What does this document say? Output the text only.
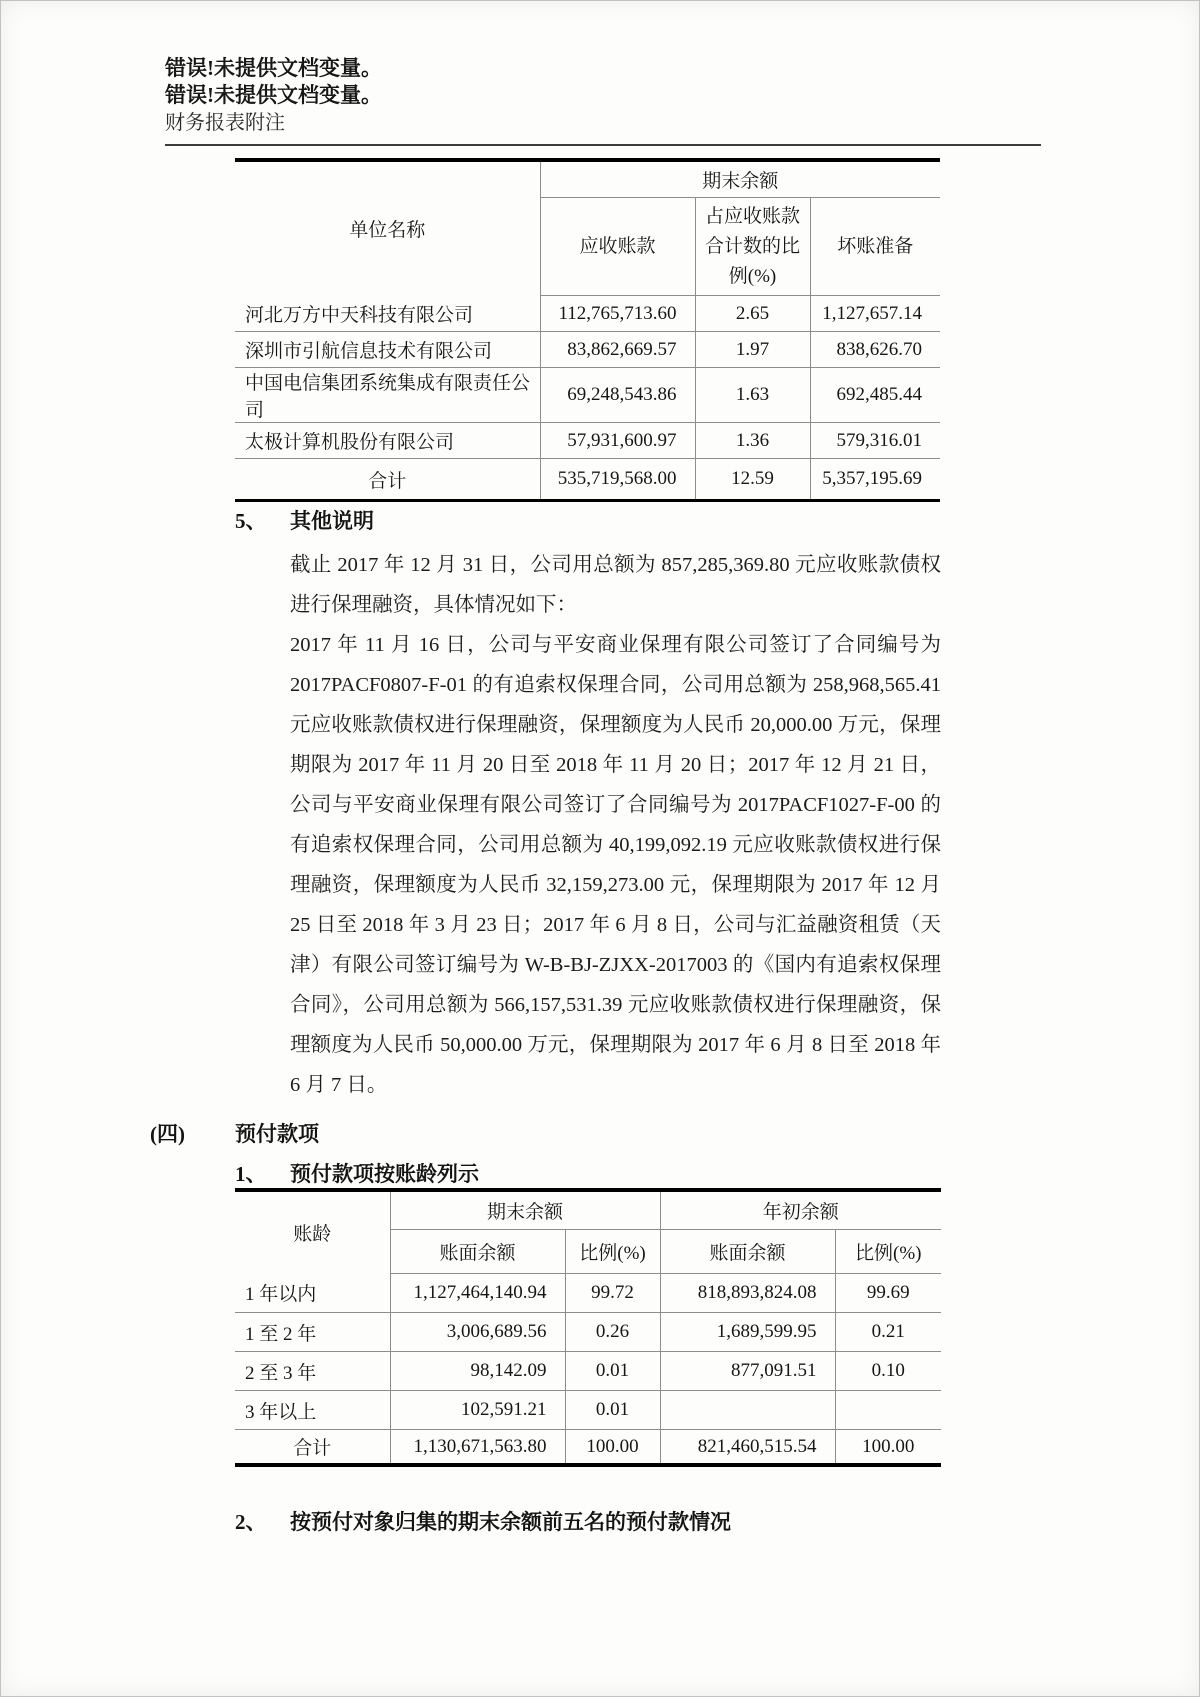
错误!未提供文档变量。
错误!未提供文档变量。
财务报表附注
单位名称	期末余额		
	应收账款	占应收账款合计数的比例(%)	坏账准备
河北万方中天科技有限公司	112,765,713.60	2.65	1,127,657.14
深圳市引航信息技术有限公司	83,862,669.57	1.97	838,626.70
中国电信集团系统集成有限责任公司	69,248,543.86	1.63	692,485.44
太极计算机股份有限公司	57,931,600.97	1.36	579,316.01
合计	535,719,568.00	12.59	5,357,195.69
5、 其他说明

截止 2017 年 12 月 31 日，公司用总额为 857,285,369.80 元应收账款债权进行保理融资，具体情况如下：

2017 年 11 月 16 日，公司与平安商业保理有限公司签订了合同编号为 2017PACF0807-F-01 的有追索权保理合同，公司用总额为 258,968,565.41 元应收账款债权进行保理融资，保理额度为人民币 20,000.00 万元，保理期限为 2017 年 11 月 20 日至 2018 年 11 月 20 日；2017 年 12 月 21 日，公司与平安商业保理有限公司签订了合同编号为 2017PACF1027-F-00 的有追索权保理合同，公司用总额为 40,199,092.19 元应收账款债权进行保理融资，保理额度为人民币 32,159,273.00 元，保理期限为 2017 年 12 月 25 日至 2018 年 3 月 23 日；2017 年 6 月 8 日，公司与汇益融资租赁（天津）有限公司签订编号为 W-B-BJ-ZJXX-2017003 的《国内有追索权保理合同》，公司用总额为 566,157,531.39 元应收账款债权进行保理融资，保理额度为人民币 50,000.00 万元，保理期限为 2017 年 6 月 8 日至 2018 年 6 月 7 日。

(四) 预付款项
1、 预付款项按账龄列示
账龄	期末余额		年初余额	
	账面余额	比例(%)	账面余额	比例(%)
1 年以内	1,127,464,140.94	99.72	818,893,824.08	99.69
1 至 2 年	3,006,689.56	0.26	1,689,599.95	0.21
2 至 3 年	98,142.09	0.01	877,091.51	0.10
3 年以上	102,591.21	0.01		
合计	1,130,671,563.80	100.00	821,460,515.54	100.00
2、 按预付对象归集的期末余额前五名的预付款情况
